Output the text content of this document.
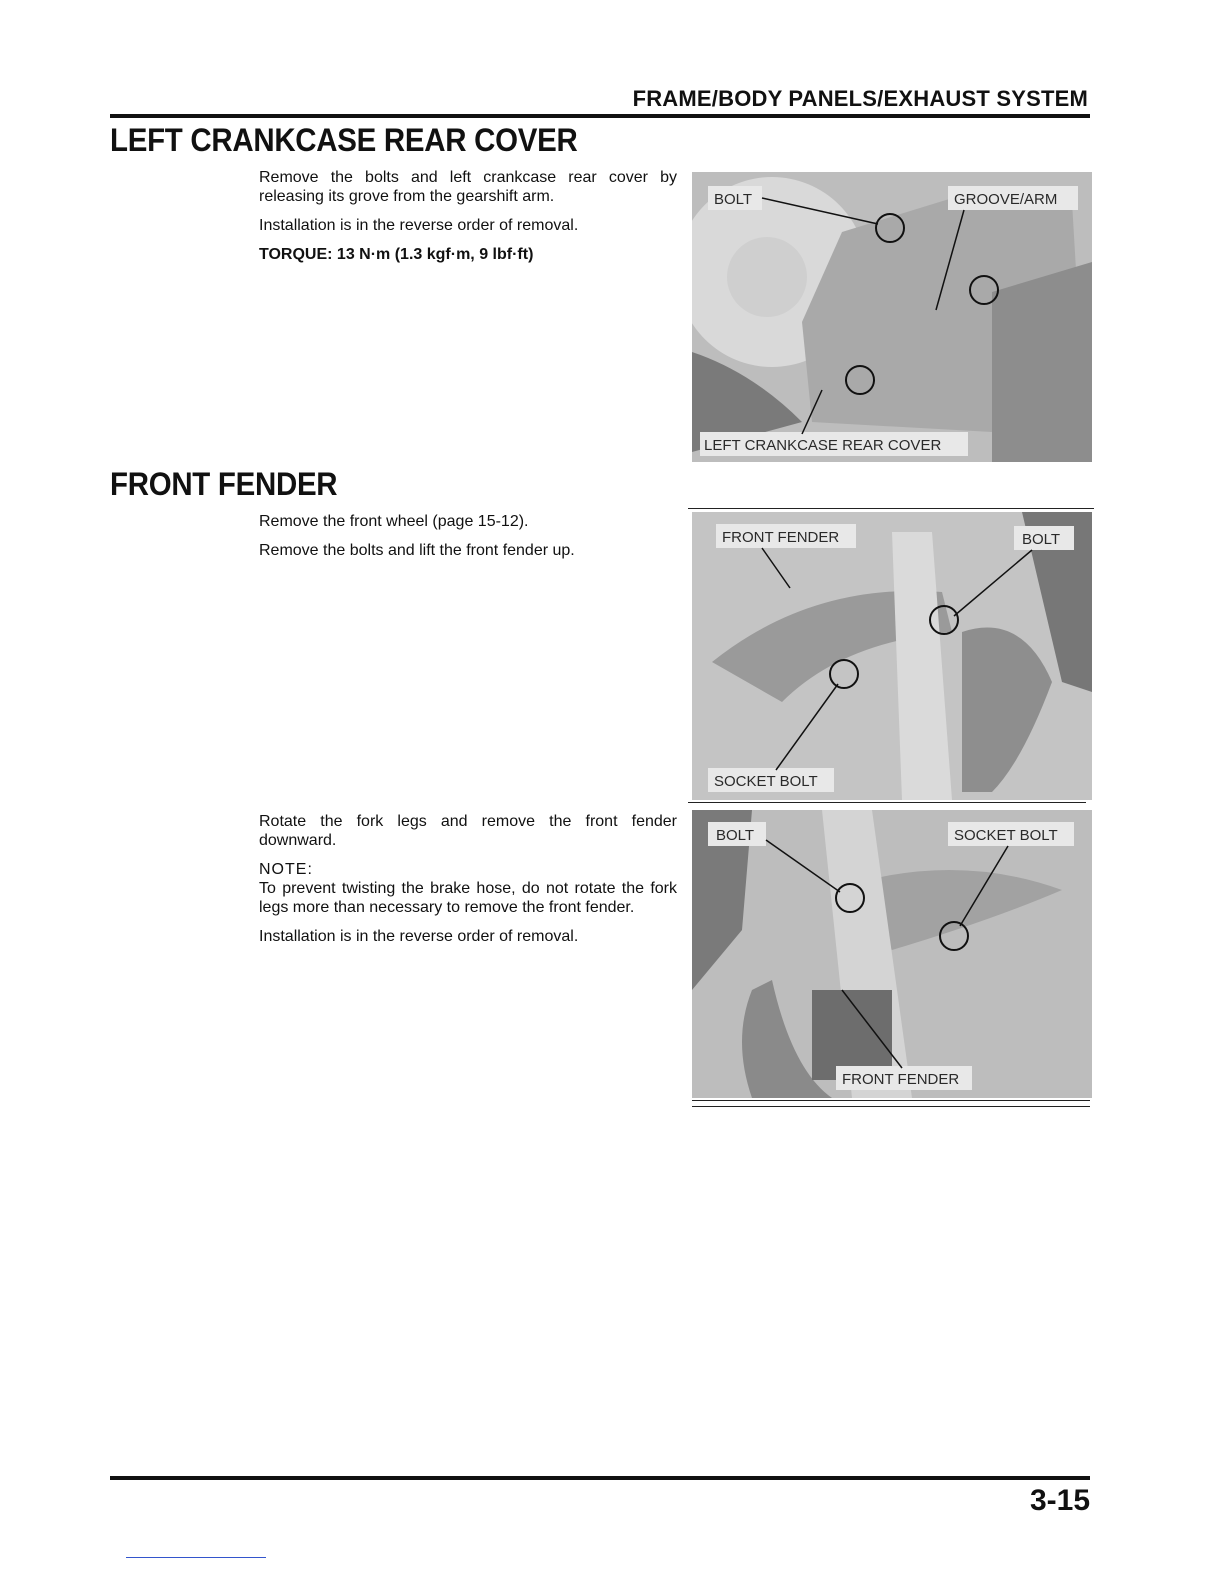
FRAME/BODY PANELS/EXHAUST SYSTEM
LEFT CRANKCASE REAR COVER

Remove the bolts and left crankcase rear cover by releasing its grove from the gearshift arm.

Installation is in the reverse order of removal.

TORQUE: 13 N·m (1.3 kgf·m, 9 lbf·ft)

BOLT	GROOVE/ARM
LEFT CRANKCASE REAR COVER
FRONT FENDER

Remove the front wheel (page 15-12).

Remove the bolts and lift the front fender up.

FRONT FENDER	BOLT
SOCKET BOLT

Rotate the fork legs and remove the front fender downward.

NOTE:

To prevent twisting the brake hose, do not rotate the fork legs more than necessary to remove the front fender.

Installation is in the reverse order of removal.

BOLT	SOCKET BOLT
FRONT FENDER
3-15
